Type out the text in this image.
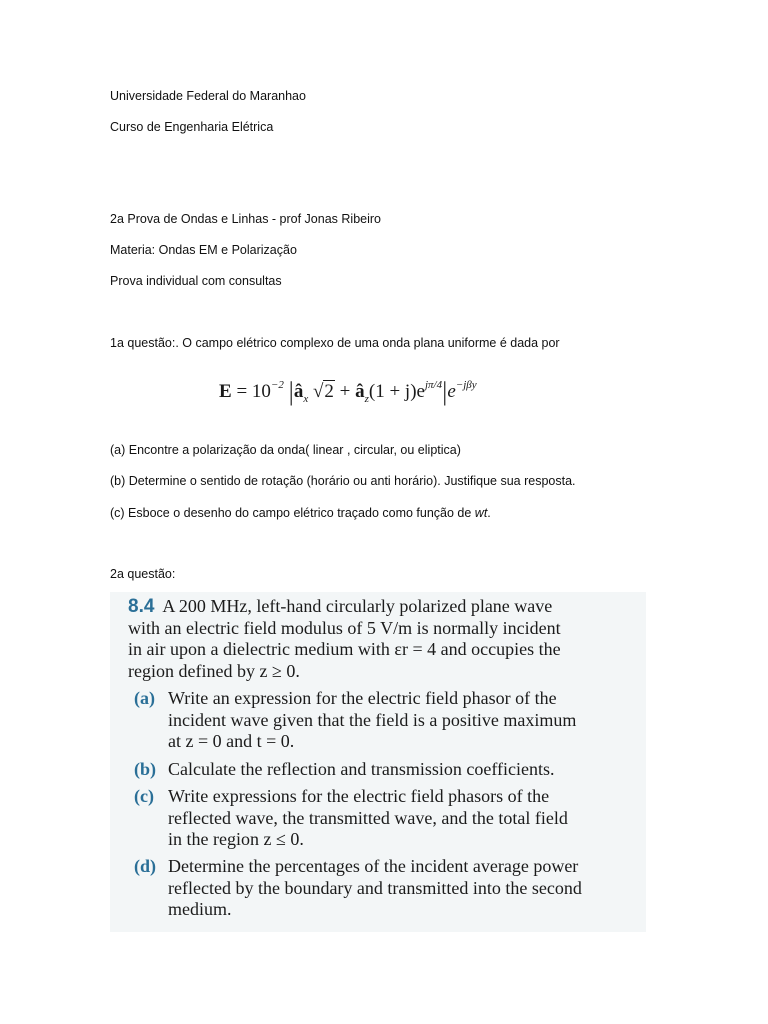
Universidade Federal do Maranhao
Curso de Engenharia Elétrica
2a Prova de Ondas e Linhas - prof Jonas Ribeiro
Materia: Ondas EM e Polarização
Prova individual com consultas
1a questão:. O campo elétrico complexo de uma onda plana uniforme é dada por
$E = 10^{-2}$ $|â_x$ $√2 + â_z(1 + j)e^{j\pi/4}|e^{-j\beta y}$
(a) Encontre a polarização da onda( linear , circular, ou eliptica)
(b) Determine o sentido de rotação (horário ou anti horário). Justifique sua resposta.
(c) Esboce o desenho do campo elétrico traçado como função de wt.
2a questão:
8.4 A 200 MHz, left-hand circularly polarized plane wave
with an electric field modulus of 5 V/m is normally incident
in air upon a dielectric medium with εr = 4 and occupies the
region defined by z ≥ 0.
(a) Write an expression for the electric field phasor of the
incident wave given that the field is a positive maximum
at z = 0 and t = 0.
(b) Calculate the reflection and transmission coefficients.
(c) Write expressions for the electric field phasors of the
reflected wave, the transmitted wave, and the total field
in the region z ≤ 0.
(d) Determine the percentages of the incident average power
reflected by the boundary and transmitted into the second
medium.
